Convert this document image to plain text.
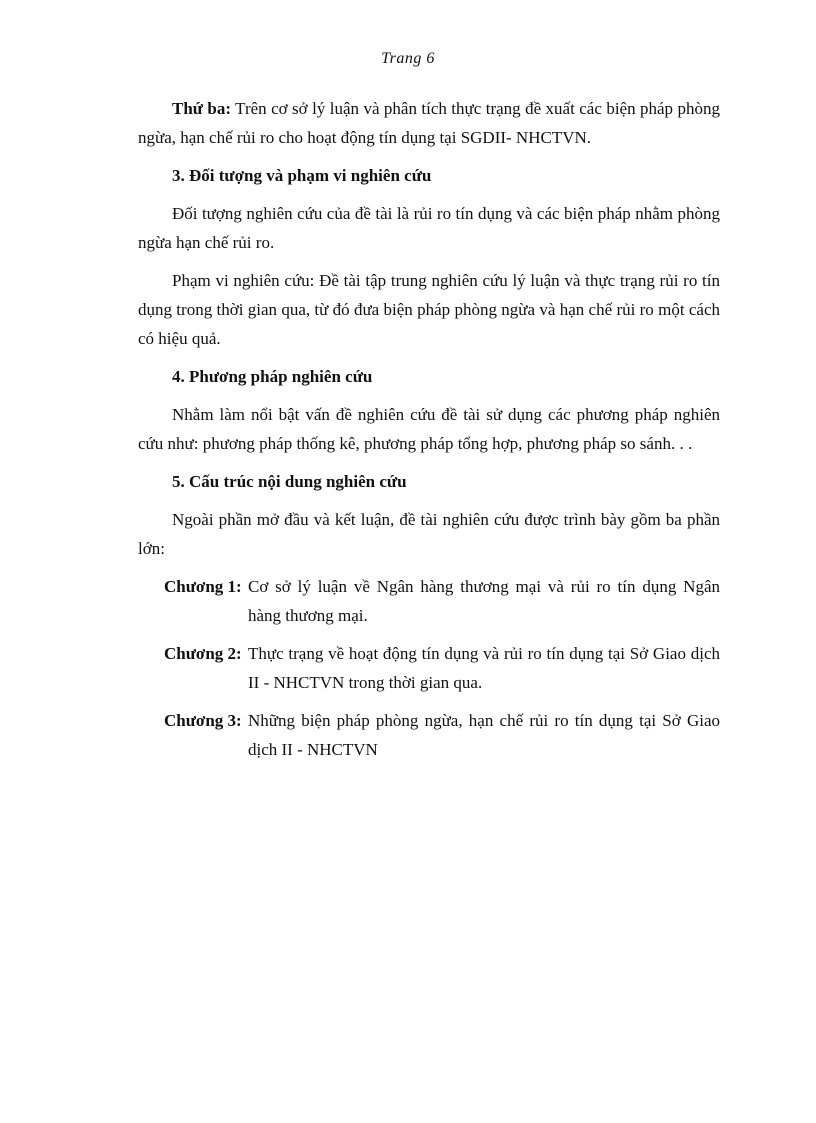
Trang 6

Thứ ba: Trên cơ sở lý luận và phân tích thực trạng đề xuất các biện pháp phòng ngừa, hạn chế rủi ro cho hoạt động tín dụng tại SGDII- NHCTVN.

3. Đối tượng và phạm vi nghiên cứu

Đối tượng nghiên cứu của đề tài là rủi ro tín dụng và các biện pháp nhằm phòng ngừa hạn chế rủi ro.

Phạm vi nghiên cứu: Đề tài tập trung nghiên cứu lý luận và thực trạng rủi ro tín dụng trong thời gian qua, từ đó đưa biện pháp phòng ngừa và hạn chế rủi ro một cách có hiệu quả.

4. Phương pháp nghiên cứu

Nhằm làm nổi bật vấn đề nghiên cứu đề tài sử dụng các phương pháp nghiên cứu như: phương pháp thống kê, phương pháp tổng hợp, phương pháp so sánh. . .

5. Cấu trúc nội dung nghiên cứu

Ngoài phần mở đầu và kết luận, đề tài nghiên cứu được trình bày gồm ba phần lớn:

Chương 1: Cơ sở lý luận về Ngân hàng thương mại và rủi ro tín dụng Ngân hàng thương mại.
Chương 2: Thực trạng về hoạt động tín dụng và rủi ro tín dụng tại Sở Giao dịch II - NHCTVN trong thời gian qua.
Chương 3: Những biện pháp phòng ngừa, hạn chế rủi ro tín dụng tại Sở Giao dịch II - NHCTVN
